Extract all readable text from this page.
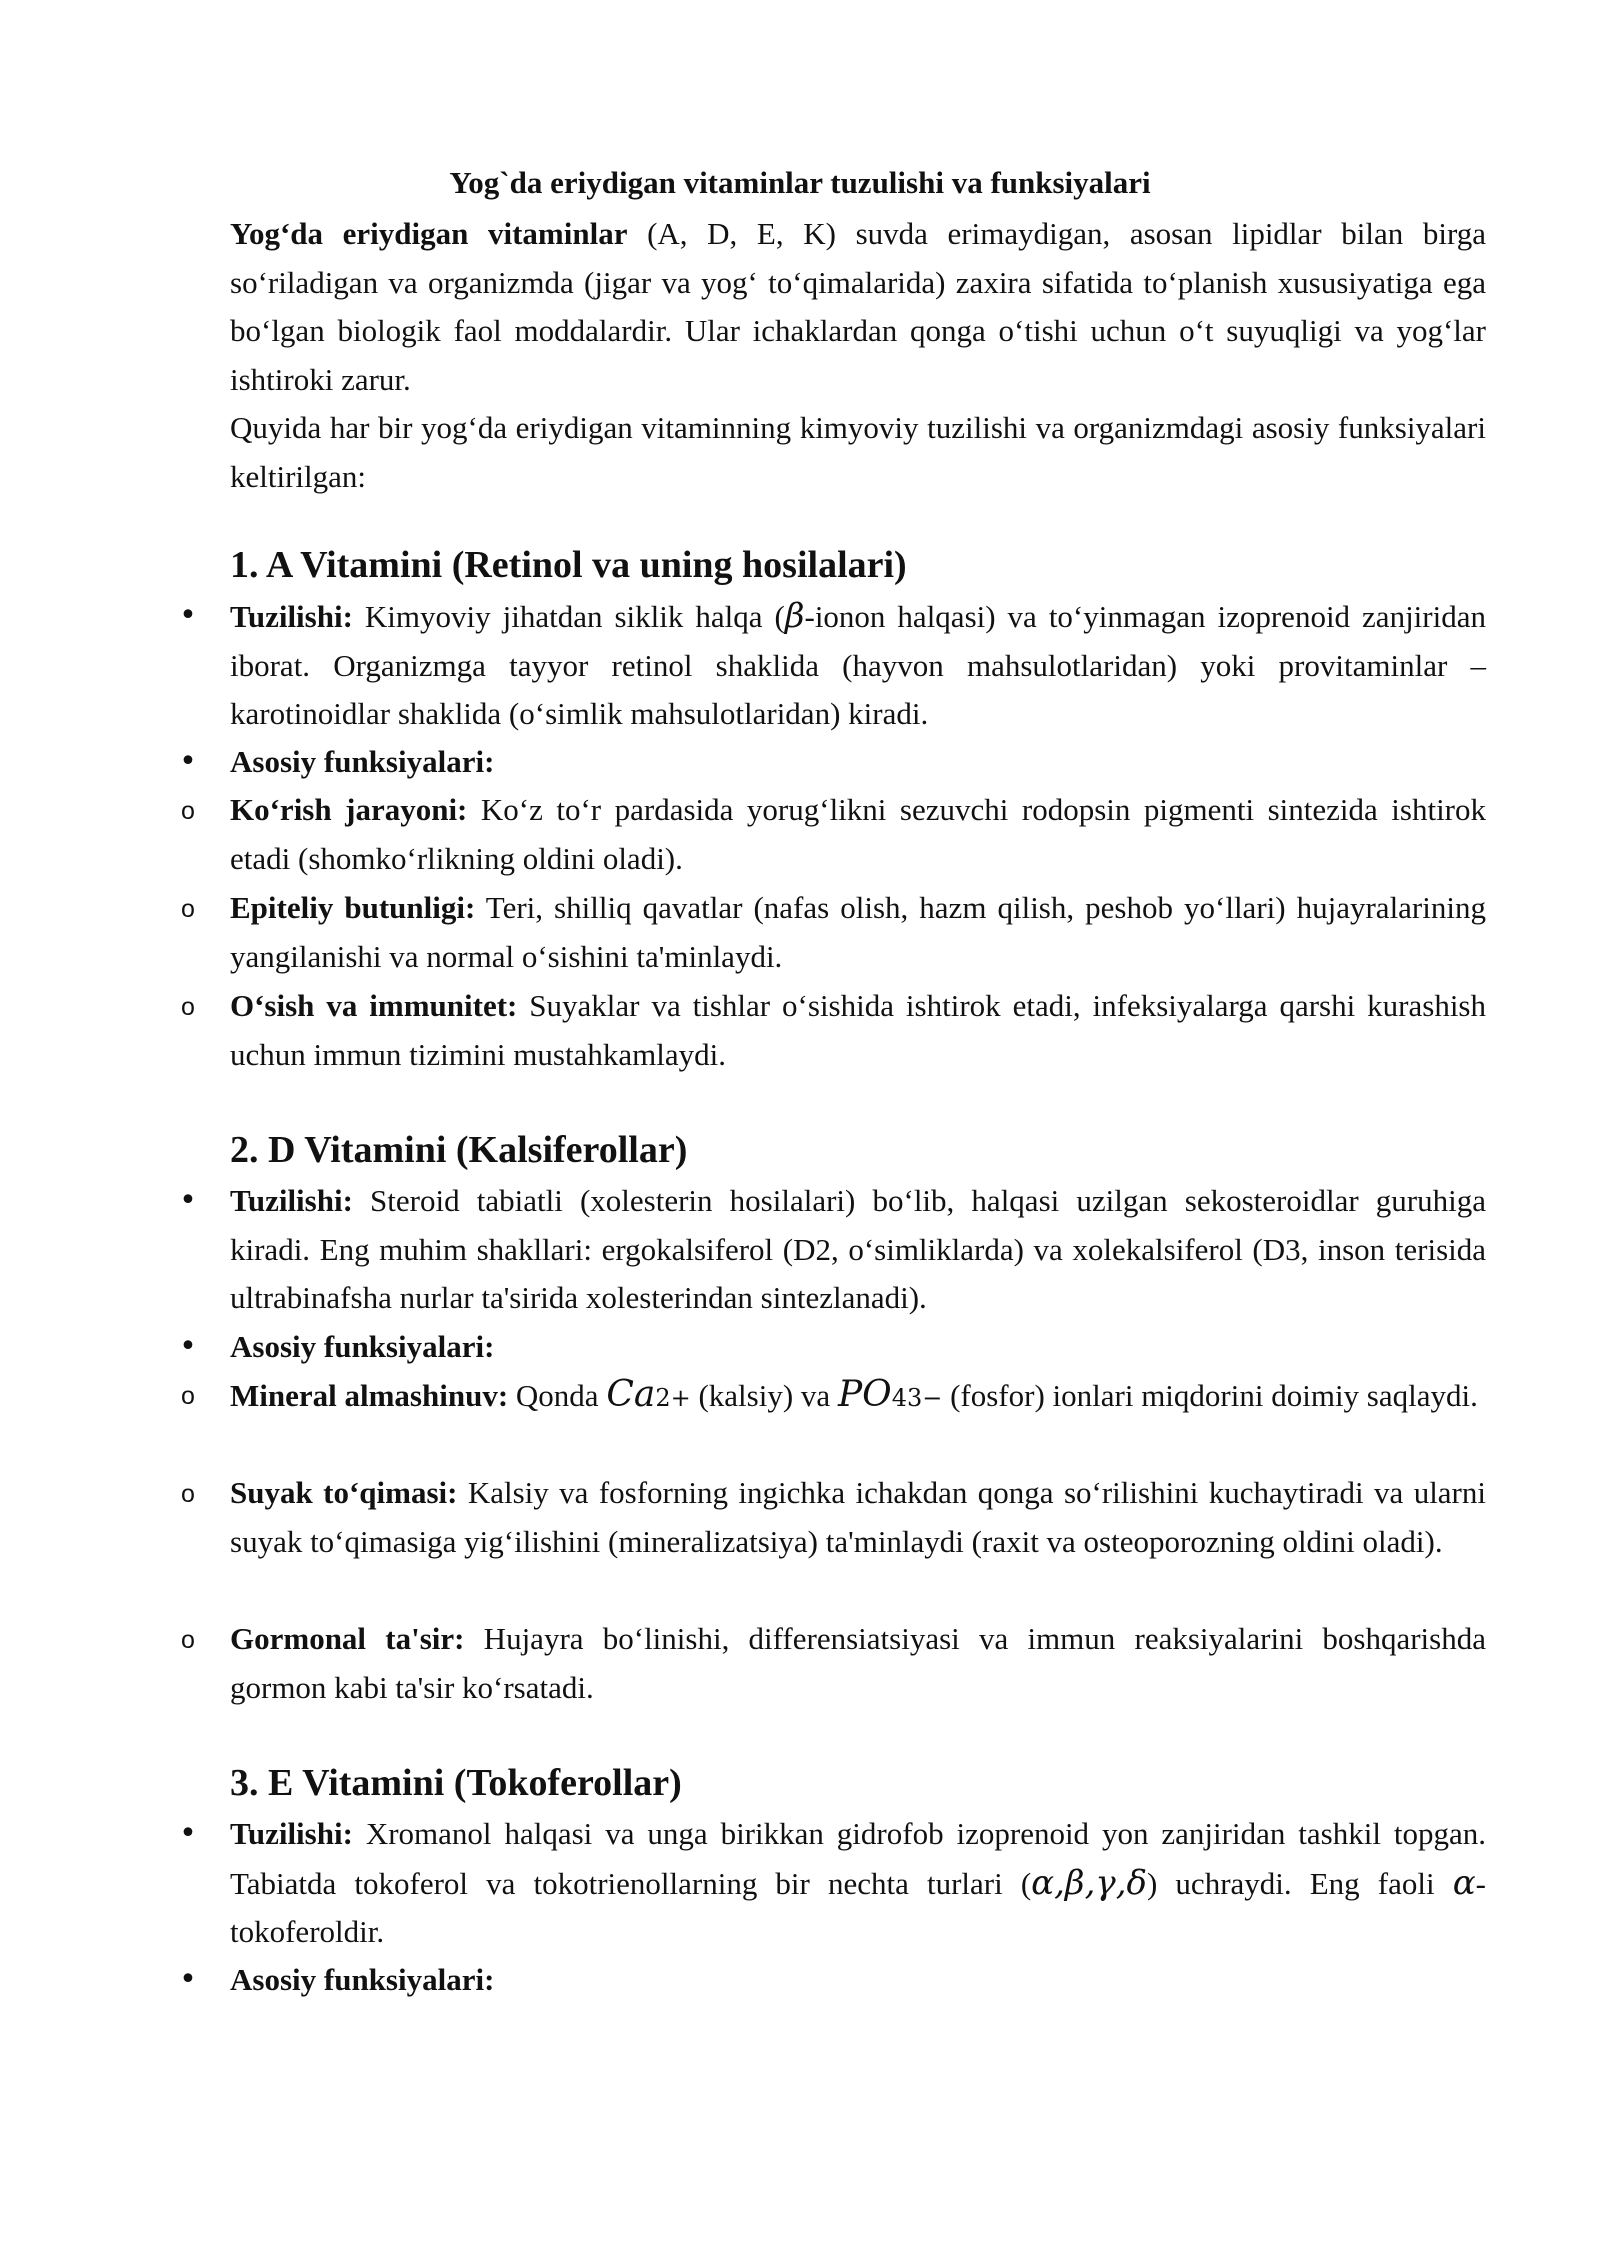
Yog`da eriydigan vitaminlar tuzulishi va funksiyalari

Yog‘da eriydigan vitaminlar (A, D, E, K) suvda erimaydigan, asosan lipidlar bilan birga so‘riladigan va organizmda (jigar va yog‘ to‘qimalarida) zaxira sifatida to‘planish xususiyatiga ega bo‘lgan biologik faol moddalardir. Ular ichaklardan qonga o‘tishi uchun o‘t suyuqligi va yog‘lar ishtiroki zarur.

Quyida har bir yog‘da eriydigan vitaminning kimyoviy tuzilishi va organizmdagi asosiy funksiyalari keltirilgan:

1. A Vitamini (Retinol va uning hosilalari)
• Tuzilishi: Kimyoviy jihatdan siklik halqa (β-ionon halqasi) va to‘yinmagan izoprenoid zanjiridan iborat. Organizmga tayyor retinol shaklida (hayvon mahsulotlaridan) yoki provitaminlar – karotinoidlar shaklida (o‘simlik mahsulotlaridan) kiradi.
• Asosiy funksiyalari:
o Ko‘rish jarayoni: Ko‘z to‘r pardasida yorug‘likni sezuvchi rodopsin pigmenti sintezida ishtirok etadi (shomko‘rlikning oldini oladi).
o Epiteliy butunligi: Teri, shilliq qavatlar (nafas olish, hazm qilish, peshob yo‘llari) hujayralarining yangilanishi va normal o‘sishini ta'minlaydi.
o O‘sish va immunitet: Suyaklar va tishlar o‘sishida ishtirok etadi, infeksiyalarga qarshi kurashish uchun immun tizimini mustahkamlaydi.
2. D Vitamini (Kalsiferollar)
• Tuzilishi: Steroid tabiatli (xolesterin hosilalari) bo‘lib, halqasi uzilgan sekosteroidlar guruhiga kiradi. Eng muhim shakllari: ergokalsiferol (D2, o‘simliklarda) va xolekalsiferol (D3, inson terisida ultrabinafsha nurlar ta'sirida xolesterindan sintezlanadi).
• Asosiy funksiyalari:
o Mineral almashinuv: Qonda Ca2+ (kalsiy) va PO43− (fosfor) ionlari miqdorini doimiy saqlaydi.
o Suyak to‘qimasi: Kalsiy va fosforning ingichka ichakdan qonga so‘rilishini kuchaytiradi va ularni suyak to‘qimasiga yig‘ilishini (mineralizatsiya) ta'minlaydi (raxit va osteoporozning oldini oladi).
o Gormonal ta'sir: Hujayra bo‘linishi, differensiatsiyasi va immun reaksiyalarini boshqarishda gormon kabi ta'sir ko‘rsatadi.
3. E Vitamini (Tokoferollar)
• Tuzilishi: Xromanol halqasi va unga birikkan gidrofob izoprenoid yon zanjiridan tashkil topgan. Tabiatda tokoferol va tokotrienollarning bir nechta turlari (α,β,γ,δ) uchraydi. Eng faoli α-tokoferoldir.
• Asosiy funksiyalari:
